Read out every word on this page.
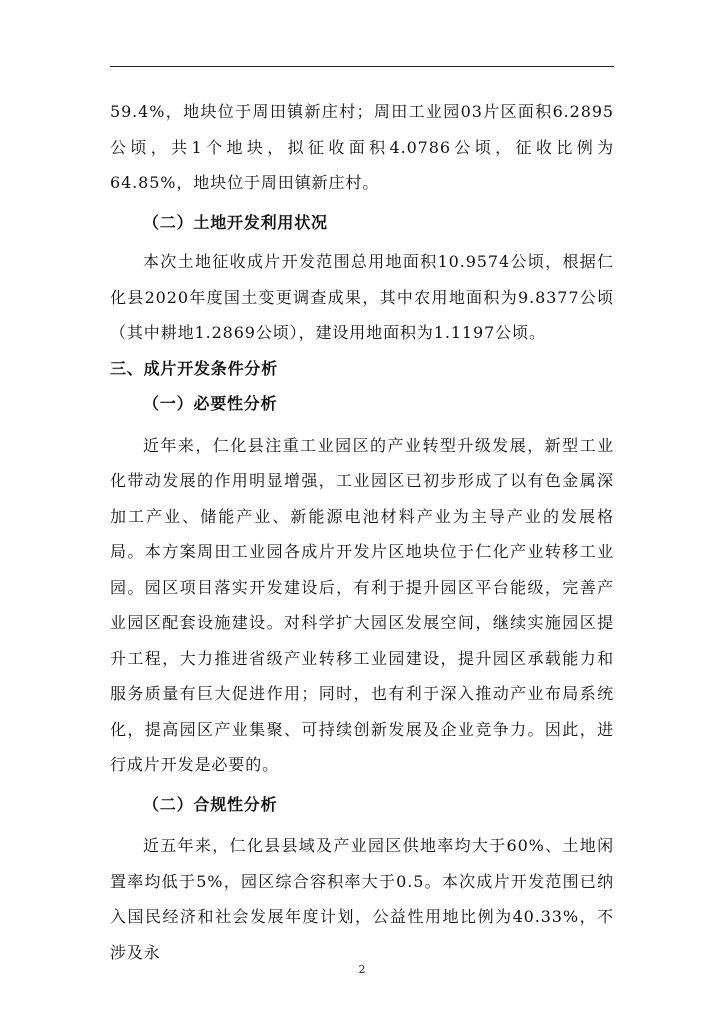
59.4%，地块位于周田镇新庄村；周田工业园03片区面积6.2895公顷，共1个地块，拟征收面积4.0786公顷，征收比例为64.85%，地块位于周田镇新庄村。

（二）土地开发利用状况

本次土地征收成片开发范围总用地面积10.9574公顷，根据仁化县2020年度国土变更调查成果，其中农用地面积为9.8377公顷（其中耕地1.2869公顷），建设用地面积为1.1197公顷。

三、成片开发条件分析

（一）必要性分析

近年来，仁化县注重工业园区的产业转型升级发展，新型工业化带动发展的作用明显增强，工业园区已初步形成了以有色金属深加工产业、储能产业、新能源电池材料产业为主导产业的发展格局。本方案周田工业园各成片开发片区地块位于仁化产业转移工业园。园区项目落实开发建设后，有利于提升园区平台能级，完善产业园区配套设施建设。对科学扩大园区发展空间，继续实施园区提升工程，大力推进省级产业转移工业园建设，提升园区承载能力和服务质量有巨大促进作用；同时，也有利于深入推动产业布局系统化，提高园区产业集聚、可持续创新发展及企业竞争力。因此，进行成片开发是必要的。

（二）合规性分析

近五年来，仁化县县域及产业园区供地率均大于60%、土地闲置率均低于5%，园区综合容积率大于0.5。本次成片开发范围已纳入国民经济和社会发展年度计划，公益性用地比例为40.33%，不涉及永

2
